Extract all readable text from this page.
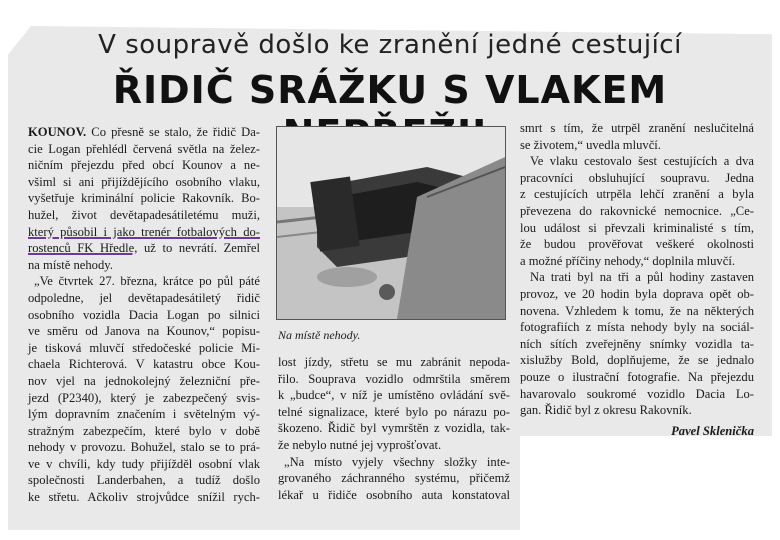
V soupravě došlo ke zranění jedné cestující
ŘIDIČ SRÁŽKU S VLAKEM
KOUNOV. Co přesně se stalo, že řidič Da-
cie Logan přehlédl červená světla na želez-
ničním přejezdu před obcí Kounov a ne-
všiml si ani přijíždějícího osobního vlaku,
vyšetřuje kriminální policie Rakovník. Bo-
hužel, život devětapadesátiletému muži,
který působil i jako trenér fotbalových do-
rostenců FK Hředle, už to nevrátí. Zemřel
na místě nehody.
„Ve čtvrtek 27. března, krátce po půl páté
odpoledne, jel devětapadesátiletý řidič
osobního vozidla Dacia Logan po silnici
ve směru od Janova na Kounov,“ popisu-
je tisková mluvčí středočeské policie Mi-
chaela Richterová. V katastru obce Kou-
nov vjel na jednokolejný železniční pře-
jezd (P2340), který je zabezpečený svis-
lým dopravním značením i světelným vý-
stražným zabezpečím, které bylo v době
nehody v provozu. Bohužel, stalo se to prá-
ve v chvíli, kdy tudy přijížděl osobní vlak
společnosti Landerbahen, a tudíž došlo
ke střetu. Ačkoliv strojvůdce snížil rych-
Na místě nehody.
lost jízdy, střetu se mu zabránit nepoda-
řilo. Souprava vozidlo odmrštila směrem
k „budce“, v níž je umístěno ovládání svě-
telné signalizace, které bylo po nárazu po-
škozeno. Řidič byl vymrštěn z vozidla, tak-
že nebylo nutné jej vyprošťovat.
„Na místo vyjely všechny složky inte-
grovaného záchranného systému, přičemž
lékař u řidiče osobního auta konstatoval
smrt s tím, že utrpěl zranění neslučitelná
se životem,“ uvedla mluvčí.
Ve vlaku cestovalo šest cestujících a dva
pracovníci obsluhující soupravu. Jedna
z cestujících utrpěla lehčí zranění a byla
převezena do rakovnické nemocnice. „Ce-
lou událost si převzali kriminalisté s tím,
že budou prověřovat veškeré okolnosti
a možné příčiny nehody,“ doplnila mluvčí.
Na trati byl na tři a půl hodiny zastaven
provoz, ve 20 hodin byla doprava opět ob-
novena. Vzhledem k tomu, že na některých
fotografiích z místa nehody byly na sociál-
ních sítích zveřejněny snímky vozidla ta-
xislužby Bold, doplňujeme, že se jednalo
pouze o ilustrační fotografie. Na přejezdu
havarovalo soukromé vozidlo Dacia Lo-
gan. Řidič byl z okresu Rakovník.
Pavel Sklenička
